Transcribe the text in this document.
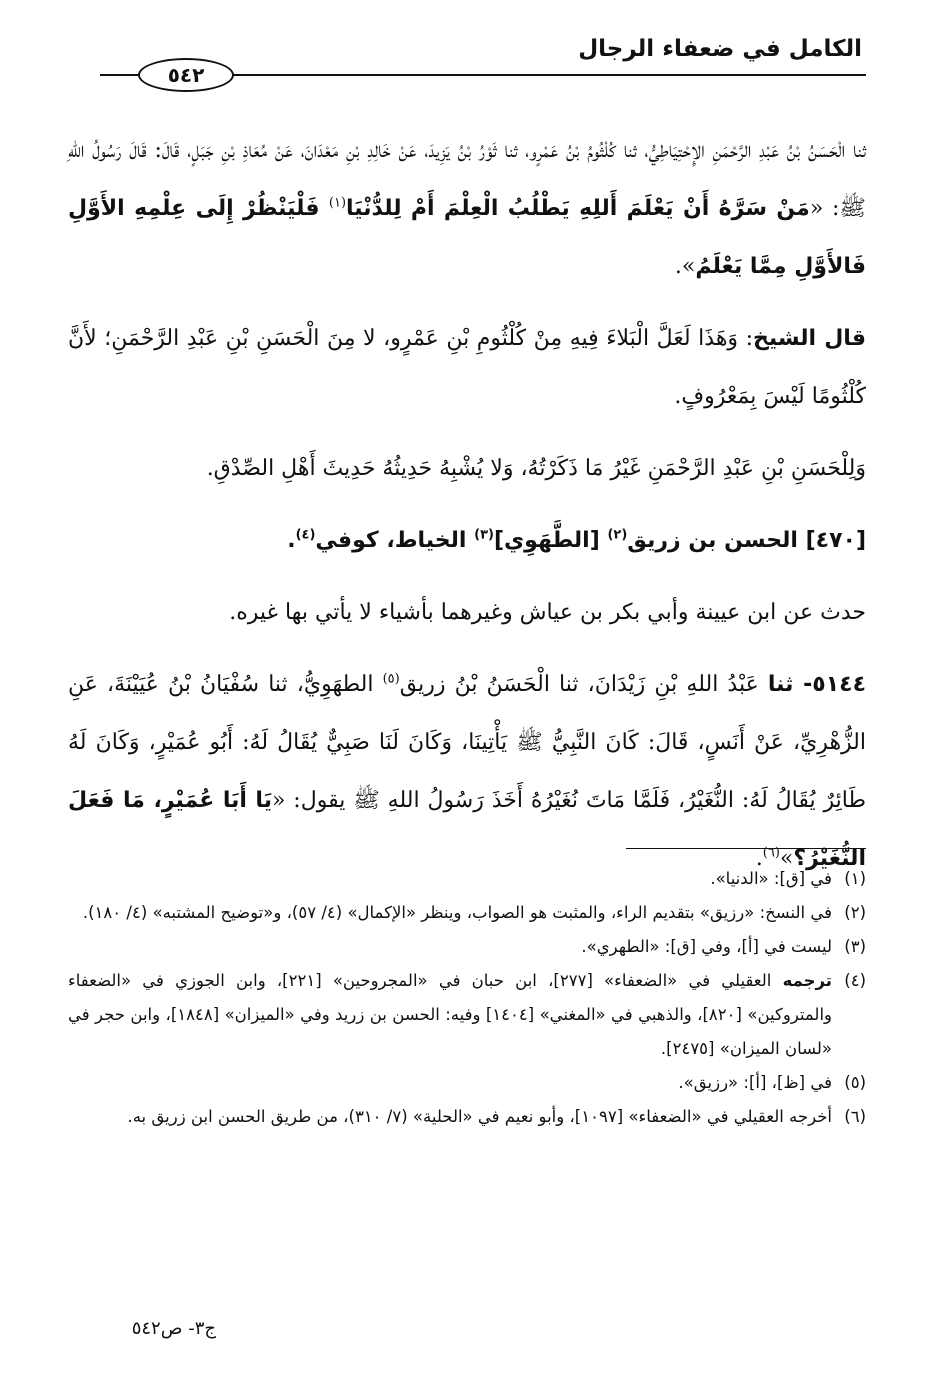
الكامل في ضعفاء الرجال
٥٤٢

ثنا الْحَسَنُ بْنُ عَبْدِ الرَّحْمَنِ الإِحْتِيَاطِيُّ، ثنا كُلْثُومُ بْنُ عَمْرٍو، ثنا ثَوْرُ بْنُ يَزِيدَ، عَنْ خَالِدِ بْنِ مَعْدَانَ، عَنْ مُعَاذِ بْنِ جَبَلٍ، قَالَ: قَالَ رَسُولُ اللهِ ﷺ: «مَنْ سَرَّهُ أَنْ يَعْلَمَ أَللِهِ يَطْلُبُ الْعِلْمَ أَمْ لِلدُّنْيَا$^{(١)}$ فَلْيَنْظُرْ إِلَى عِلْمِهِ الأَوَّلِ فَالأَوَّلِ مِمَّا يَعْلَمُ».

قال الشيخ: وَهَذَا لَعَلَّ الْبَلاءَ فِيهِ مِنْ كُلْثُومِ بْنِ عَمْرٍو، لا مِنَ الْحَسَنِ بْنِ عَبْدِ الرَّحْمَنِ؛ لأَنَّ كُلْثُومًا لَيْسَ بِمَعْرُوفٍ.

وَلِلْحَسَنِ بْنِ عَبْدِ الرَّحْمَنِ غَيْرُ مَا ذَكَرْتُهُ، وَلا يُشْبِهُ حَدِيثُهُ حَدِيثَ أَهْلِ الصِّدْقِ.

[٤٧٠] الحسن بن زريق$^{(٢)}$ [الطَّهَوِي]$^{(٣)}$ الخياط، كوفي$^{(٤)}$.

حدث عن ابن عيينة وأبي بكر بن عياش وغيرهما بأشياء لا يأتي بها غيره.

٥١٤٤- ثنا عَبْدُ اللهِ بْنِ زَيْدَانَ، ثنا الْحَسَنُ بْنُ زريق$^{(٥)}$ الطهَوِيُّ، ثنا سُفْيَانُ بْنُ عُيَيْنَةَ، عَنِ الزُّهْرِيِّ، عَنْ أَنَسٍ، قَالَ: كَانَ النَّبِيُّ ﷺ يَأْتِينَا، وَكَانَ لَنَا صَبِيٌّ يُقَالُ لَهُ: أَبُو عُمَيْرٍ، وَكَانَ لَهُ طَائِرٌ يُقَالُ لَهُ: النُّغَيْرُ، فَلَمَّا مَاتَ نُغَيْرُهُ أَخَذَ رَسُولُ اللهِ ﷺ يقول: «يَا أَبَا عُمَيْرٍ، مَا فَعَلَ النُّغَيْرُ؟»$^{(٦)}$.

(١)
في [ق]: «الدنيا».
(٢)
في النسخ: «رزيق» بتقديم الراء، والمثبت هو الصواب، وينظر «الإكمال» (٤/ ٥٧)، و«توضيح المشتبه» (٤/ ١٨٠).
(٣)
ليست في [أ]، وفي [ق]: «الطهري».
(٤)
ترجمه العقيلي في «الضعفاء» [٢٧٧]، ابن حبان في «المجروحين» [٢٢١]، وابن الجوزي في «الضعفاء والمتروكين» [٨٢٠]، والذهبي في «المغني» [١٤٠٤] وفيه: الحسن بن زريد وفي «الميزان» [١٨٤٨]، وابن حجر في «لسان الميزان» [٢٤٧٥].
(٥)
في [ظ]، [أ]: «رزيق».
(٦)
أخرجه العقيلي في «الضعفاء» [١٠٩٧]، وأبو نعيم في «الحلية» (٧/ ٣١٠)، من طريق الحسن ابن زريق به.
ج٣- ص٥٤٢
